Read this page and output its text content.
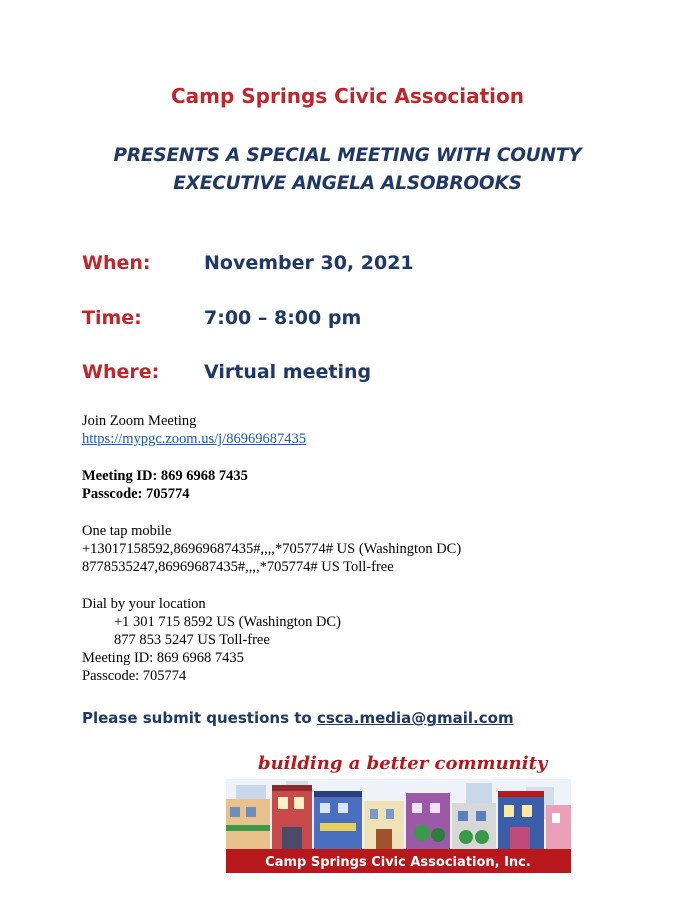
Camp Springs Civic Association
PRESENTS A SPECIAL MEETING WITH COUNTY
EXECUTIVE ANGELA ALSOBROOKS
When:	November 30, 2021
Time:	7:00 – 8:00 pm
Where: Virtual meeting
Join Zoom Meeting
https://mypgc.zoom.us/j/86969687435
Meeting ID: 869 6968 7435
Passcode: 705774
One tap mobile
+13017158592,86969687435#,,,,*705774# US (Washington DC)
8778535247,86969687435#,,,,*705774# US Toll-free
Dial by your location
+1 301 715 8592 US (Washington DC)
877 853 5247 US Toll-free
Meeting ID: 869 6968 7435
Passcode: 705774
Please submit questions to csca.media@gmail.com
building a better community
Camp Springs Civic Association, Inc.
